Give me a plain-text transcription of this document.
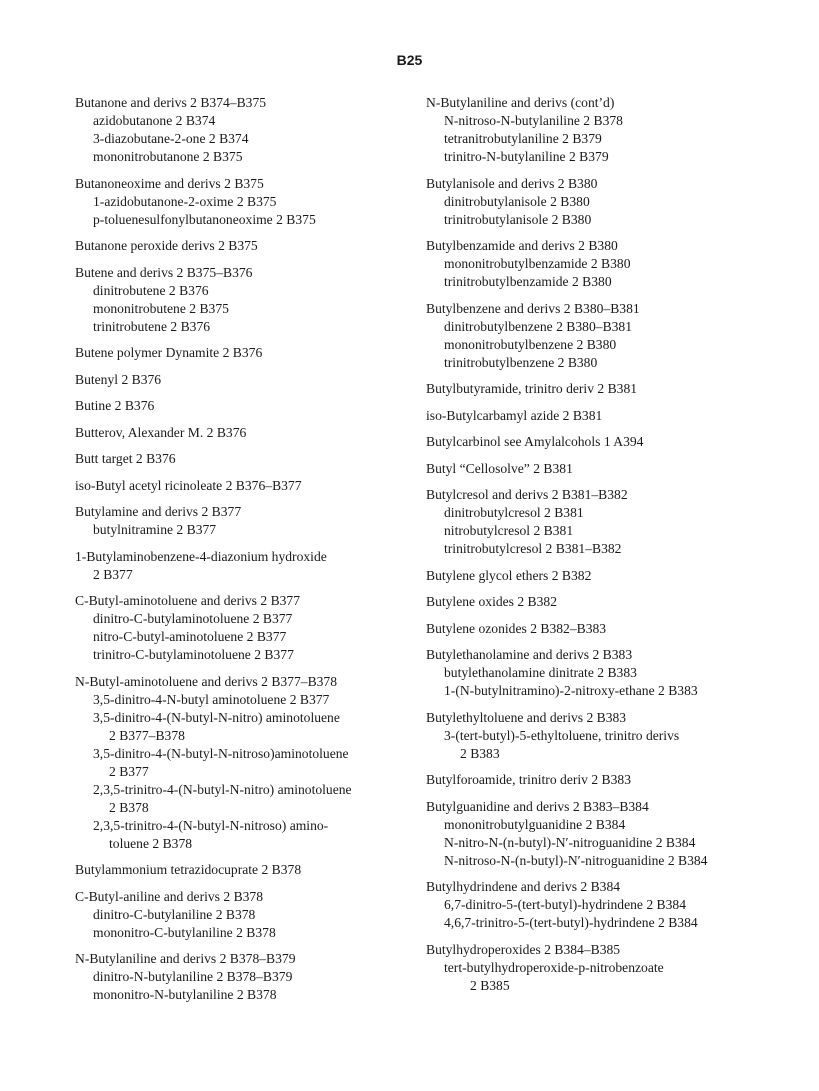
B25
Butanone and derivs 2 B374–B375
azidobutanone 2 B374
3-diazobutane-2-one 2 B374
mononitrobutanone 2 B375
Butanoneoxime and derivs 2 B375
1-azidobutanone-2-oxime 2 B375
p-toluenesulfonylbutanoneoxime 2 B375
Butanone peroxide derivs 2 B375
Butene and derivs 2 B375–B376
dinitrobutene 2 B376
mononitrobutene 2 B375
trinitrobutene 2 B376
Butene polymer Dynamite 2 B376
Butenyl 2 B376
Butine 2 B376
Butterov, Alexander M. 2 B376
Butt target 2 B376
iso-Butyl acetyl ricinoleate 2 B376–B377
Butylamine and derivs 2 B377
butylnitramine 2 B377
1-Butylaminobenzene-4-diazonium hydroxide
2 B377
C-Butyl-aminotoluene and derivs 2 B377
dinitro-C-butylaminotoluene 2 B377
nitro-C-butyl-aminotoluene 2 B377
trinitro-C-butylaminotoluene 2 B377
N-Butyl-aminotoluene and derivs 2 B377–B378
3,5-dinitro-4-N-butyl aminotoluene 2 B377
3,5-dinitro-4-(N-butyl-N-nitro) aminotoluene
2 B377–B378
3,5-dinitro-4-(N-butyl-N-nitroso)aminotoluene
2 B377
2,3,5-trinitro-4-(N-butyl-N-nitro) aminotoluene
2 B378
2,3,5-trinitro-4-(N-butyl-N-nitroso) amino-
toluene 2 B378
Butylammonium tetrazidocuprate 2 B378
C-Butyl-aniline and derivs 2 B378
dinitro-C-butylaniline 2 B378
mononitro-C-butylaniline 2 B378
N-Butylaniline and derivs 2 B378–B379
dinitro-N-butylaniline 2 B378–B379
mononitro-N-butylaniline 2 B378
N-Butylaniline and derivs (cont’d)
N-nitroso-N-butylaniline 2 B378
tetranitrobutylaniline 2 B379
trinitro-N-butylaniline 2 B379
Butylanisole and derivs 2 B380
dinitrobutylanisole 2 B380
trinitrobutylanisole 2 B380
Butylbenzamide and derivs 2 B380
mononitrobutylbenzamide 2 B380
trinitrobutylbenzamide 2 B380
Butylbenzene and derivs 2 B380–B381
dinitrobutylbenzene 2 B380–B381
mononitrobutylbenzene 2 B380
trinitrobutylbenzene 2 B380
Butylbutyramide, trinitro deriv 2 B381
iso-Butylcarbamyl azide 2 B381
Butylcarbinol see Amylalcohols 1 A394
Butyl “Cellosolve” 2 B381
Butylcresol and derivs 2 B381–B382
dinitrobutylcresol 2 B381
nitrobutylcresol 2 B381
trinitrobutylcresol 2 B381–B382
Butylene glycol ethers 2 B382
Butylene oxides 2 B382
Butylene ozonides 2 B382–B383
Butylethanolamine and derivs 2 B383
butylethanolamine dinitrate 2 B383
1-(N-butylnitramino)-2-nitroxy-ethane 2 B383
Butylethyltoluene and derivs 2 B383
3-(tert-butyl)-5-ethyltoluene, trinitro derivs
2 B383
Butylforoamide, trinitro deriv 2 B383
Butylguanidine and derivs 2 B383–B384
mononitrobutylguanidine 2 B384
N-nitro-N-(n-butyl)-N′-nitroguanidine 2 B384
N-nitroso-N-(n-butyl)-N′-nitroguanidine 2 B384
Butylhydrindene and derivs 2 B384
6,7-dinitro-5-(tert-butyl)-hydrindene 2 B384
4,6,7-trinitro-5-(tert-butyl)-hydrindene 2 B384
Butylhydroperoxides 2 B384–B385
tert-butylhydroperoxide-p-nitrobenzoate
2 B385
